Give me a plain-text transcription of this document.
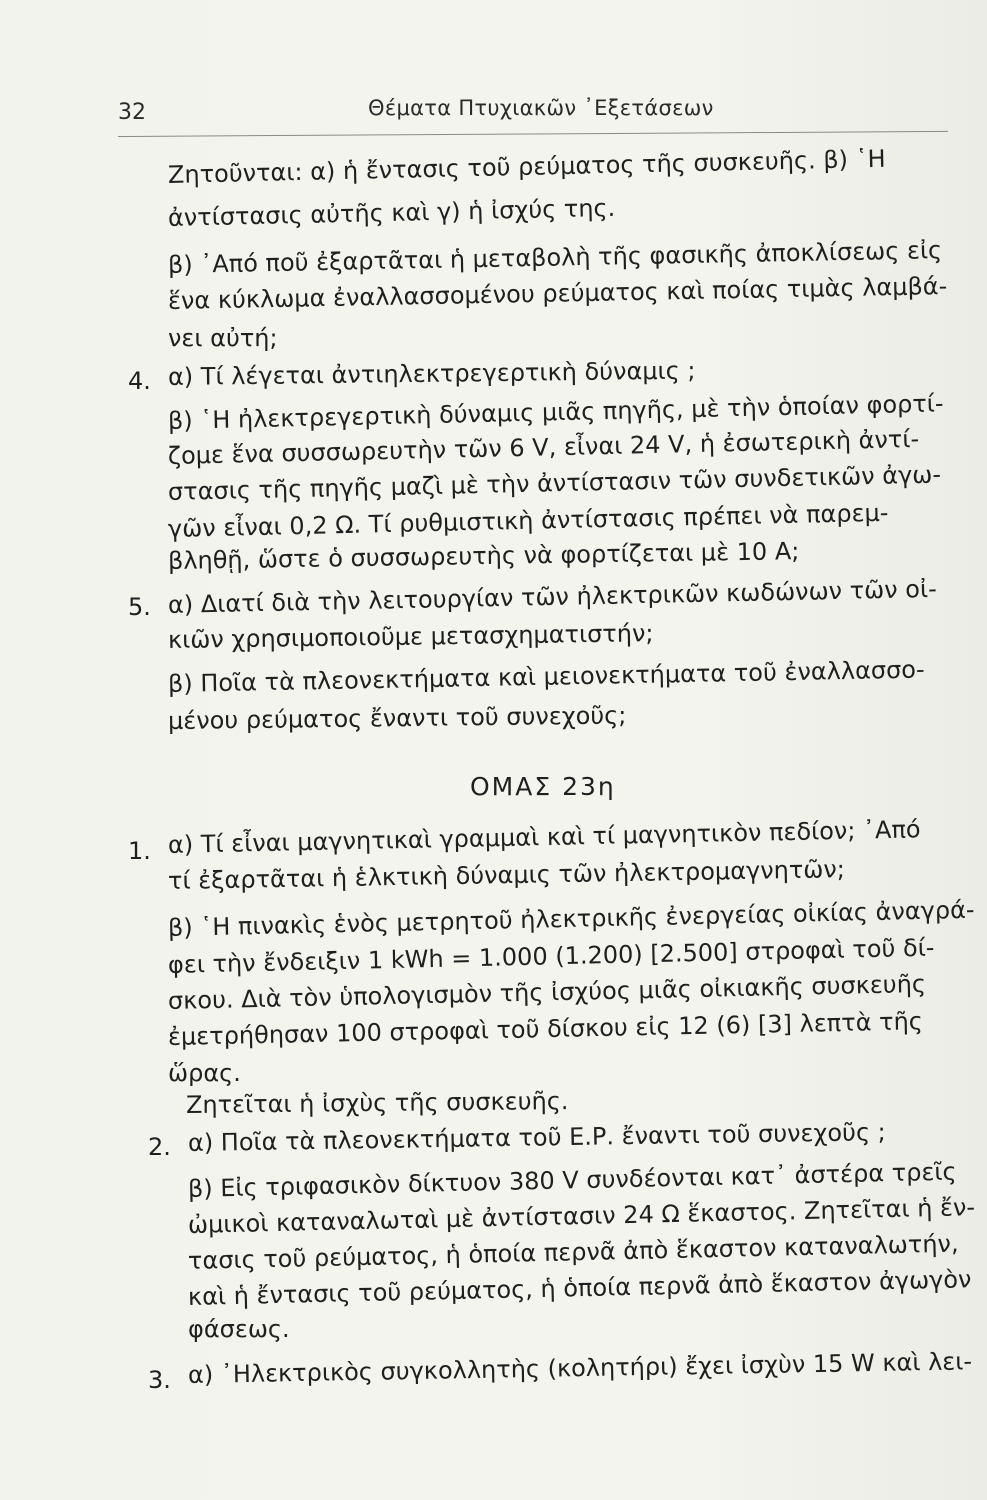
32	Θέματα Πτυχιακῶν ᾿Εξετάσεων
Ζητοῦνται: α) ἡ ἔντασις τοῦ ρεύματος τῆς συσκευῆς. β) ῾Η
ἀντίστασις αὐτῆς καὶ γ) ἡ ἰσχύς της.
β) ᾿Από ποῦ ἐξαρτᾶται ἡ μεταβολὴ τῆς φασικῆς ἀποκλίσεως εἰς
ἕνα κύκλωμα ἐναλλασσομένου ρεύματος καὶ ποίας τιμὰς λαμβά-
νει αὐτή;
4. α) Τί λέγεται ἀντιηλεκτρεγερτικὴ δύναμις ;
β) ῾Η ἠλεκτρεγερτικὴ δύναμις μιᾶς πηγῆς, μὲ τὴν ὁποίαν φορτί-
ζομε ἕνα συσσωρευτὴν τῶν 6 V, εἶναι 24 V, ἡ ἐσωτερικὴ ἀντί-
στασις τῆς πηγῆς μαζὶ μὲ τὴν ἀντίστασιν τῶν συνδετικῶν ἀγω-
γῶν εἶναι 0,2 Ω. Τί ρυθμιστικὴ ἀντίστασις πρέπει νὰ παρεμ-
βληθῇ, ὥστε ὁ συσσωρευτὴς νὰ φορτίζεται μὲ 10 Α;
5. α) Διατί διὰ τὴν λειτουργίαν τῶν ἠλεκτρικῶν κωδώνων τῶν οἰ-
κιῶν χρησιμοποιοῦμε μετασχηματιστήν;
β) Ποῖα τὰ πλεονεκτήματα καὶ μειονεκτήματα τοῦ ἐναλλασσο-
μένου ρεύματος ἔναντι τοῦ συνεχοῦς;
ΟΜΑΣ 23η
1. α) Τί εἶναι μαγνητικαὶ γραμμαὶ καὶ τί μαγνητικὸν πεδίον; ᾿Από
τί ἐξαρτᾶται ἡ ἑλκτικὴ δύναμις τῶν ἠλεκτρομαγνητῶν;
β) ῾Η πινακὶς ἑνὸς μετρητοῦ ἠλεκτρικῆς ἐνεργείας οἰκίας ἀναγρά-
φει τὴν ἔνδειξιν 1 kWh = 1.000 (1.200) [2.500] στροφαὶ τοῦ δί-
σκου. Διὰ τὸν ὑπολογισμὸν τῆς ἰσχύος μιᾶς οἰκιακῆς συσκευῆς
ἐμετρήθησαν 100 στροφαὶ τοῦ δίσκου εἰς 12 (6) [3] λεπτὰ τῆς
ὥρας.
Ζητεῖται ἡ ἰσχὺς τῆς συσκευῆς.
2. α) Ποῖα τὰ πλεονεκτήματα τοῦ Ε.Ρ. ἔναντι τοῦ συνεχοῦς ;
β) Εἰς τριφασικὸν δίκτυον 380 V συνδέονται κατ᾿ ἀστέρα τρεῖς
ὠμικοὶ καταναλωταὶ μὲ ἀντίστασιν 24 Ω ἕκαστος. Ζητεῖται ἡ ἔν-
τασις τοῦ ρεύματος, ἡ ὁποία περνᾶ ἀπὸ ἕκαστον καταναλωτήν,
καὶ ἡ ἔντασις τοῦ ρεύματος, ἡ ὁποία περνᾶ ἀπὸ ἕκαστον ἀγωγὸν
φάσεως.
3. α) ᾿Ηλεκτρικὸς συγκολλητὴς (κολητήρι) ἔχει ἰσχὺν 15 W καὶ λει-
